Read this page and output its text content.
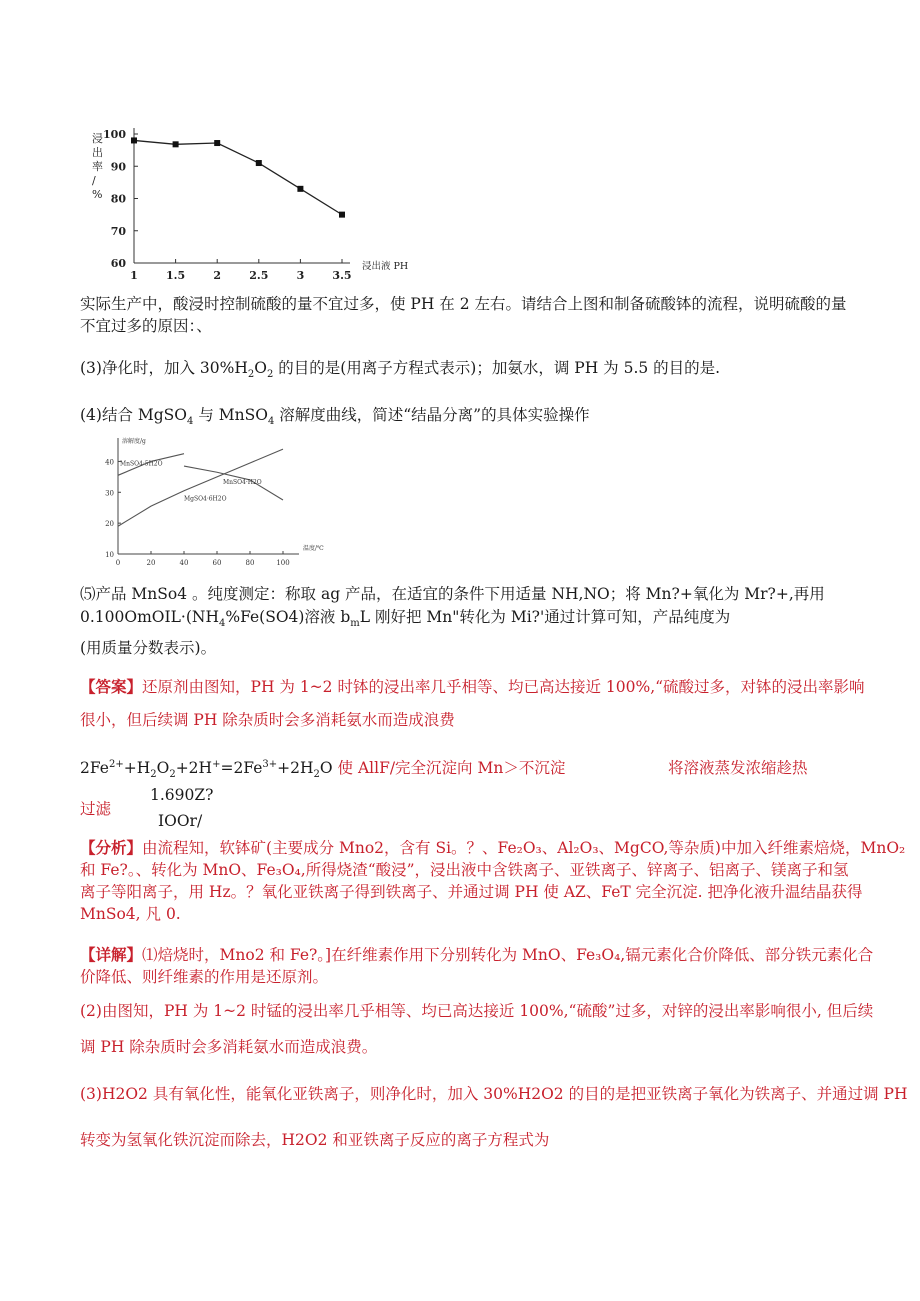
浸出率/ %
浸出液 PH
60
70
80
90
100
1	1.5	2	2.5	3	3.5
溶解度/g
温度/℃
10
20
30
40
0	20	40	60	80	100
MnSO4·5H2O
MgSO4·6H2O
MnSO4·H2O
实际生产中，酸浸时控制硫酸的量不宜过多，使 PH 在 2 左右。请结合上图和制备硫酸钵的流程，说明硫酸的量
不宜过多的原因：、
(3)净化时，加入 $30\%H_2O_2$ 的目的是(用离子方程式表示)；加氨水，调 PH 为 5.5 的目的是.
(4)结合 MgSO$_4$ 与 MnSO$_4$ 溶解度曲线，简述“结晶分离”的具体实验操作
⑸产品 MnSo4 。纯度测定：称取 ag 产品，在适宜的条件下用适量 NH,NO；将 Mn?+氧化为 Mr?+,再用
$0.100OmOIL\cdot(NH_4\%Fe(SO4)$溶液 $b_mL$ 刚好把 Mn"转化为 Mi?'通过计算可知，产品纯度为
(用质量分数表示)。
【答案】还原剂由图知，PH 为 1~2 时钵的浸出率几乎相等、均已高达接近 100%,“硫酸过多，对钵的浸出率影响
很小，但后续调 PH 除杂质时会多消耗氨水而造成浪费
$2Fe^{2+}+H_2O_2+2H^+=2Fe^{3+}+2H_2O$ 使 AllF/完全沉淀向 Mn＞不沉淀	将溶液蒸发浓缩趁热
过滤
1.690Z?
IOOr/
【分析】由流程知，软钵矿(主要成分 Mno2，含有 Si。？、Fe₂O₃、Al₂O₃、MgCO,等杂质)中加入纤维素焙烧，MnO₂
和 Fe?。、转化为 MnO、Fe₃O₄,所得烧渣“酸浸”，浸出液中含铁离子、亚铁离子、锌离子、铝离子、镁离子和氢
离子等阳离子，用 Hz。？氧化亚铁离子得到铁离子、并通过调 PH 使 AZ、FeT 完全沉淀. 把净化液升温结晶获得
MnSo4, 凡 0.
【详解】⑴焙烧时，Mno2 和 Fe?。]在纤维素作用下分别转化为 MnO、Fe₃O₄,镉元素化合价降低、部分铁元素化合
价降低、则纤维素的作用是还原剂。
(2)由图知，PH 为 1~2 时锰的浸出率几乎相等、均已高达接近 100%,“硫酸”过多，对锌的浸出率影响很小, 但后续
调 PH 除杂质时会多消耗氨水而造成浪费。
(3)H2O2 具有氧化性，能氧化亚铁离子，则净化时，加入 30%H2O2 的目的是把亚铁离子氧化为铁离子、并通过调 PH
转变为氢氧化铁沉淀而除去，H2O2 和亚铁离子反应的离子方程式为
